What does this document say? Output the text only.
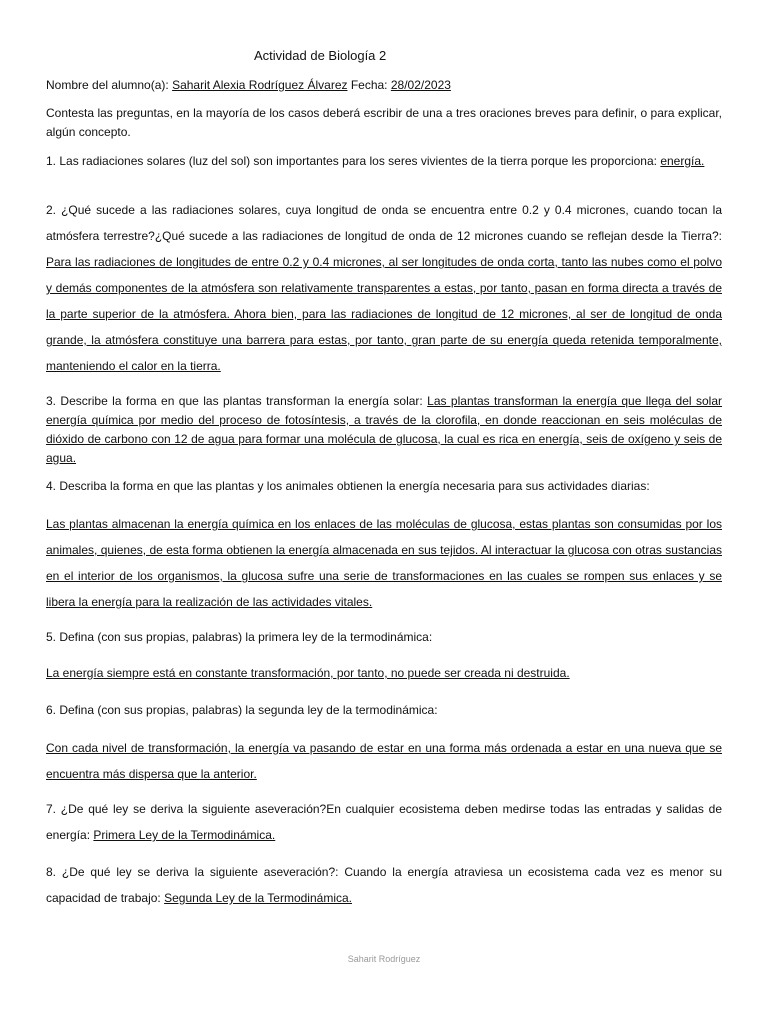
Actividad de Biología 2
Nombre del alumno(a): Saharit Alexia Rodríguez Álvarez Fecha: 28/02/2023
Contesta las preguntas, en la mayoría de los casos deberá escribir de una a tres oraciones breves para definir, o para explicar, algún concepto.
1. Las radiaciones solares (luz del sol) son importantes para los seres vivientes de la tierra porque les proporciona: energía.
2. ¿Qué sucede a las radiaciones solares, cuya longitud de onda se encuentra entre 0.2 y 0.4 micrones, cuando tocan la atmósfera terrestre?¿Qué sucede a las radiaciones de longitud de onda de 12 micrones cuando se reflejan desde la Tierra?: Para las radiaciones de longitudes de entre 0.2 y 0.4 micrones, al ser longitudes de onda corta, tanto las nubes como el polvo y demás componentes de la atmósfera son relativamente transparentes a estas, por tanto, pasan en forma directa a través de la parte superior de la atmósfera. Ahora bien, para las radiaciones de longitud de 12 micrones, al ser de longitud de onda grande, la atmósfera constituye una barrera para estas, por tanto, gran parte de su energía queda retenida temporalmente, manteniendo el calor en la tierra.
3. Describe la forma en que las plantas transforman la energía solar: Las plantas transforman la energía que llega del solar energía química por medio del proceso de fotosíntesis, a través de la clorofila, en donde reaccionan en seis moléculas de dióxido de carbono con 12 de agua para formar una molécula de glucosa, la cual es rica en energía, seis de oxígeno y seis de agua.
4. Describa la forma en que las plantas y los animales obtienen la energía necesaria para sus actividades diarias:
Las plantas almacenan la energía química en los enlaces de las moléculas de glucosa, estas plantas son consumidas por los animales, quienes, de esta forma obtienen la energía almacenada en sus tejidos. Al interactuar la glucosa con otras sustancias en el interior de los organismos, la glucosa sufre una serie de transformaciones en las cuales se rompen sus enlaces y se libera la energía para la realización de las actividades vitales.
5. Defina (con sus propias, palabras) la primera ley de la termodinámica:
La energía siempre está en constante transformación, por tanto, no puede ser creada ni destruida.
6. Defina (con sus propias, palabras) la segunda ley de la termodinámica:
Con cada nivel de transformación, la energía va pasando de estar en una forma más ordenada a estar en una nueva que se encuentra más dispersa que la anterior.
7. ¿De qué ley se deriva la siguiente aseveración?En cualquier ecosistema deben medirse todas las entradas y salidas de energía: Primera Ley de la Termodinámica.
8. ¿De qué ley se deriva la siguiente aseveración?: Cuando la energía atraviesa un ecosistema cada vez es menor su capacidad de trabajo: Segunda Ley de la Termodinámica.
Saharit Rodríguez
